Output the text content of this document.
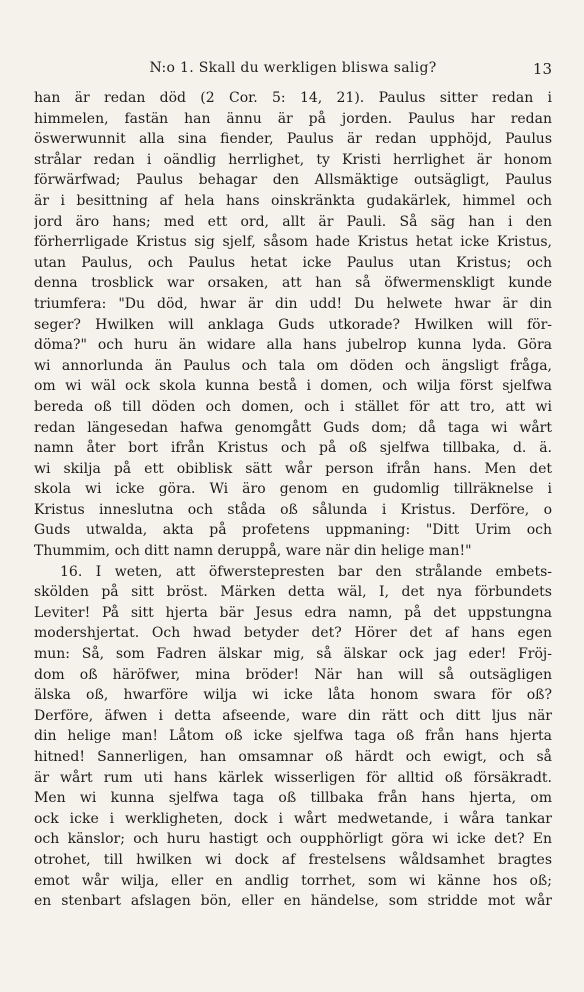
N:o 1. Skall du werkligen bliswa salig?	13
han är redan död (2 Cor. 5: 14, 21). Paulus sitter redan i
himmelen, fastän han ännu är på jorden. Paulus har redan
öswerwunnit alla sina fiender, Paulus är redan upphöjd, Paulus
strålar redan i oändlig herrlighet, ty Kristi herrlighet är honom
förwärfwad; Paulus behagar den Allsmäktige outsägligt, Paulus
är i besittning af hela hans oinskränkta gudakärlek, himmel och
jord äro hans; med ett ord, allt är Pauli. Så säg han i den
förherrligade Kristus sig sjelf, såsom hade Kristus hetat icke Kristus,
utan Paulus, och Paulus hetat icke Paulus utan Kristus; och
denna trosblick war orsaken, att han så öfwermenskligt kunde
triumfera: "Du död, hwar är din udd! Du helwete hwar är din
seger? Hwilken will anklaga Guds utkorade? Hwilken will för-
döma?" och huru än widare alla hans jubelrop kunna lyda. Göra
wi annorlunda än Paulus och tala om döden och ängsligt fråga,
om wi wäl ock skola kunna bestå i domen, och wilja först sjelfwa
bereda oß till döden och domen, och i stället för att tro, att wi
redan längesedan hafwa genomgått Guds dom; då taga wi wårt
namn åter bort ifrån Kristus och på oß sjelfwa tillbaka, d. ä.
wi skilja på ett obiblisk sätt wår person ifrån hans. Men det
skola wi icke göra. Wi äro genom en gudomlig tillräknelse i
Kristus inneslutna och ståda oß sålunda i Kristus. Derföre, o
Guds utwalda, akta på profetens uppmaning: "Ditt Urim och
Thummim, och ditt namn deruppå, ware när din helige man!"
16. I weten, att öfwerstepresten bar den strålande embets-
skölden på sitt bröst. Märken detta wäl, I, det nya förbundets
Leviter! På sitt hjerta bär Jesus edra namn, på det uppstungna
modershjertat. Och hwad betyder det? Hörer det af hans egen
mun: Så, som Fadren älskar mig, så älskar ock jag eder! Fröj-
dom oß häröfwer, mina bröder! När han will så outsägligen
älska oß, hwarföre wilja wi icke låta honom swara för oß?
Derföre, äfwen i detta afseende, ware din rätt och ditt ljus när
din helige man! Låtom oß icke sjelfwa taga oß från hans hjerta
hitned! Sannerligen, han omsamnar oß härdt och ewigt, och så
är wårt rum uti hans kärlek wisserligen för alltid oß försäkradt.
Men wi kunna sjelfwa taga oß tillbaka från hans hjerta, om
ock icke i werkligheten, dock i wårt medwetande, i wåra tankar
och känslor; och huru hastigt och oupphörligt göra wi icke det? En
otrohet, till hwilken wi dock af frestelsens wåldsamhet bragtes
emot wår wilja, eller en andlig torrhet, som wi känne hos oß;
en stenbart afslagen bön, eller en händelse, som stridde mot wår
